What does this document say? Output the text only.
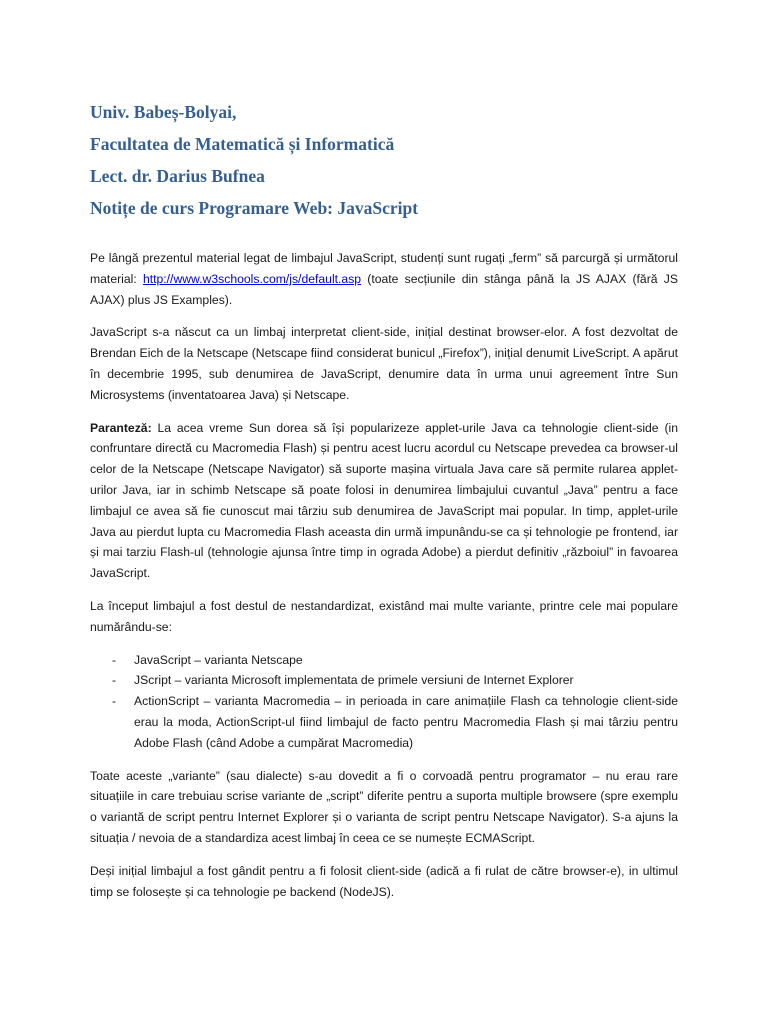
Univ. Babeș-Bolyai,
Facultatea de Matematică și Informatică
Lect. dr. Darius Bufnea
Notițe de curs Programare Web: JavaScript

Pe lângă prezentul material legat de limbajul JavaScript, studenți sunt rugați „ferm” să parcurgă și următorul material: http://www.w3schools.com/js/default.asp (toate secțiunile din stânga până la JS AJAX (fără JS AJAX) plus JS Examples).

JavaScript s-a născut ca un limbaj interpretat client-side, inițial destinat browser-elor. A fost dezvoltat de Brendan Eich de la Netscape (Netscape fiind considerat bunicul „Firefox”), inițial denumit LiveScript. A apărut în decembrie 1995, sub denumirea de JavaScript, denumire data în urma unui agreement între Sun Microsystems (inventatoarea Java) și Netscape.

Paranteză: La acea vreme Sun dorea să își popularizeze applet-urile Java ca tehnologie client-side (in confruntare directă cu Macromedia Flash) și pentru acest lucru acordul cu Netscape prevedea ca browser-ul celor de la Netscape (Netscape Navigator) să suporte mașina virtuala Java care să permite rularea applet-urilor Java, iar in schimb Netscape să poate folosi in denumirea limbajului cuvantul „Java” pentru a face limbajul ce avea să fie cunoscut mai târziu sub denumirea de JavaScript mai popular. In timp, applet-urile Java au pierdut lupta cu Macromedia Flash aceasta din urmă impunându-se ca și tehnologie pe frontend, iar și mai tarziu Flash-ul (tehnologie ajunsa între timp in ograda Adobe) a pierdut definitiv „războiul” in favoarea JavaScript.

La început limbajul a fost destul de nestandardizat, existând mai multe variante, printre cele mai populare numărându-se:

- JavaScript – varianta Netscape
- JScript – varianta Microsoft implementata de primele versiuni de Internet Explorer
- ActionScript – varianta Macromedia – in perioada in care animațiile Flash ca tehnologie client-side erau la moda, ActionScript-ul fiind limbajul de facto pentru Macromedia Flash și mai târziu pentru Adobe Flash (când Adobe a cumpărat Macromedia)

Toate aceste „variante” (sau dialecte) s-au dovedit a fi o corvoadă pentru programator – nu erau rare situațiile in care trebuiau scrise variante de „script” diferite pentru a suporta multiple browsere (spre exemplu o variantă de script pentru Internet Explorer și o varianta de script pentru Netscape Navigator). S-a ajuns la situația / nevoia de a standardiza acest limbaj în ceea ce se numește ECMAScript.

Deși inițial limbajul a fost gândit pentru a fi folosit client-side (adică a fi rulat de către browser-e), in ultimul timp se folosește și ca tehnologie pe backend (NodeJS).
